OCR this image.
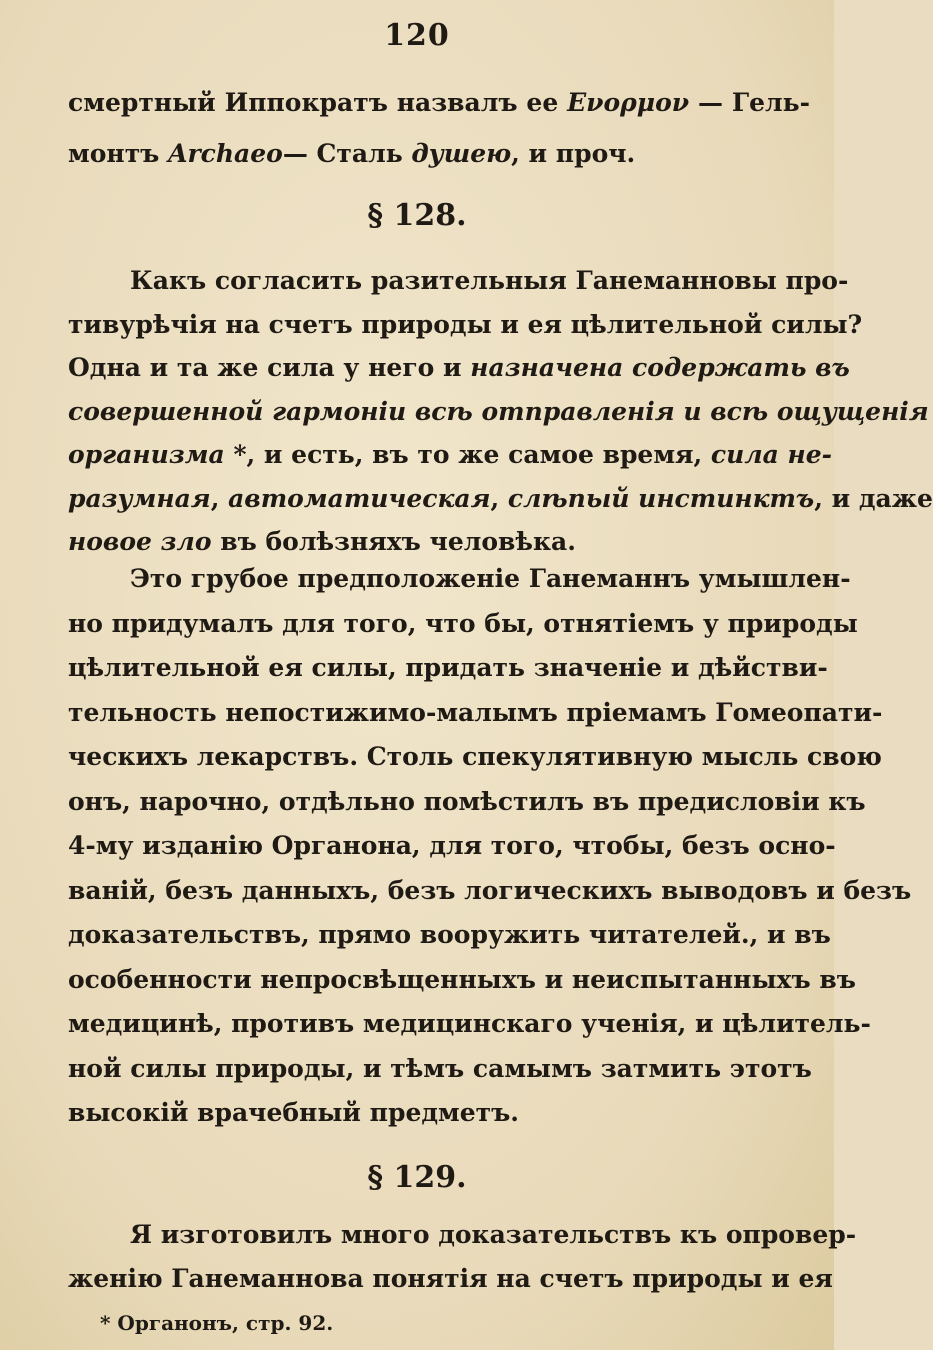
120
смертный Иппократъ назвалъ ее Ενορμον — Гель-
монтъ Archaeo— Сталь душею, и проч.
§ 128.
Какъ согласить разительныя Ганеманновы про-
тивурѣчія на счетъ природы и ея цѣлительной силы?
Одна и та же сила у него и назначена содержать въ
совершенной гармоніи всѣ отправленія и всѣ ощущенія
организма *, и есть, въ то же самое время, сила не-
разумная, автоматическая, слѣпый инстинктъ, и даже
новое зло въ болѣзняхъ человѣка.
Это грубое предположеніе Ганеманнъ умышлен-
но придумалъ для того, что бы, отнятіемъ у природы
цѣлительной ея силы, придать значеніе и дѣйстви-
тельность непостижимо-малымъ пріемамъ Гомеопати-
ческихъ лекарствъ. Столь спекулятивную мысль свою
онъ, нарочно, отдѣльно помѣстилъ въ предисловіи къ
4-му изданію Органона, для того, чтобы, безъ осно-
ваній, безъ данныхъ, безъ логическихъ выводовъ и безъ
доказательствъ, прямо вооружить читателей., и въ
особенности непросвѣщенныхъ и неиспытанныхъ въ
медицинѣ, противъ медицинскаго ученія, и цѣлитель-
ной силы природы, и тѣмъ самымъ затмить этотъ
высокій врачебный предметъ.
§ 129.
Я изготовилъ много доказательствъ къ опровер-
женію Ганеманнова понятія на счетъ природы и ея
* Органонъ, стр. 92.
